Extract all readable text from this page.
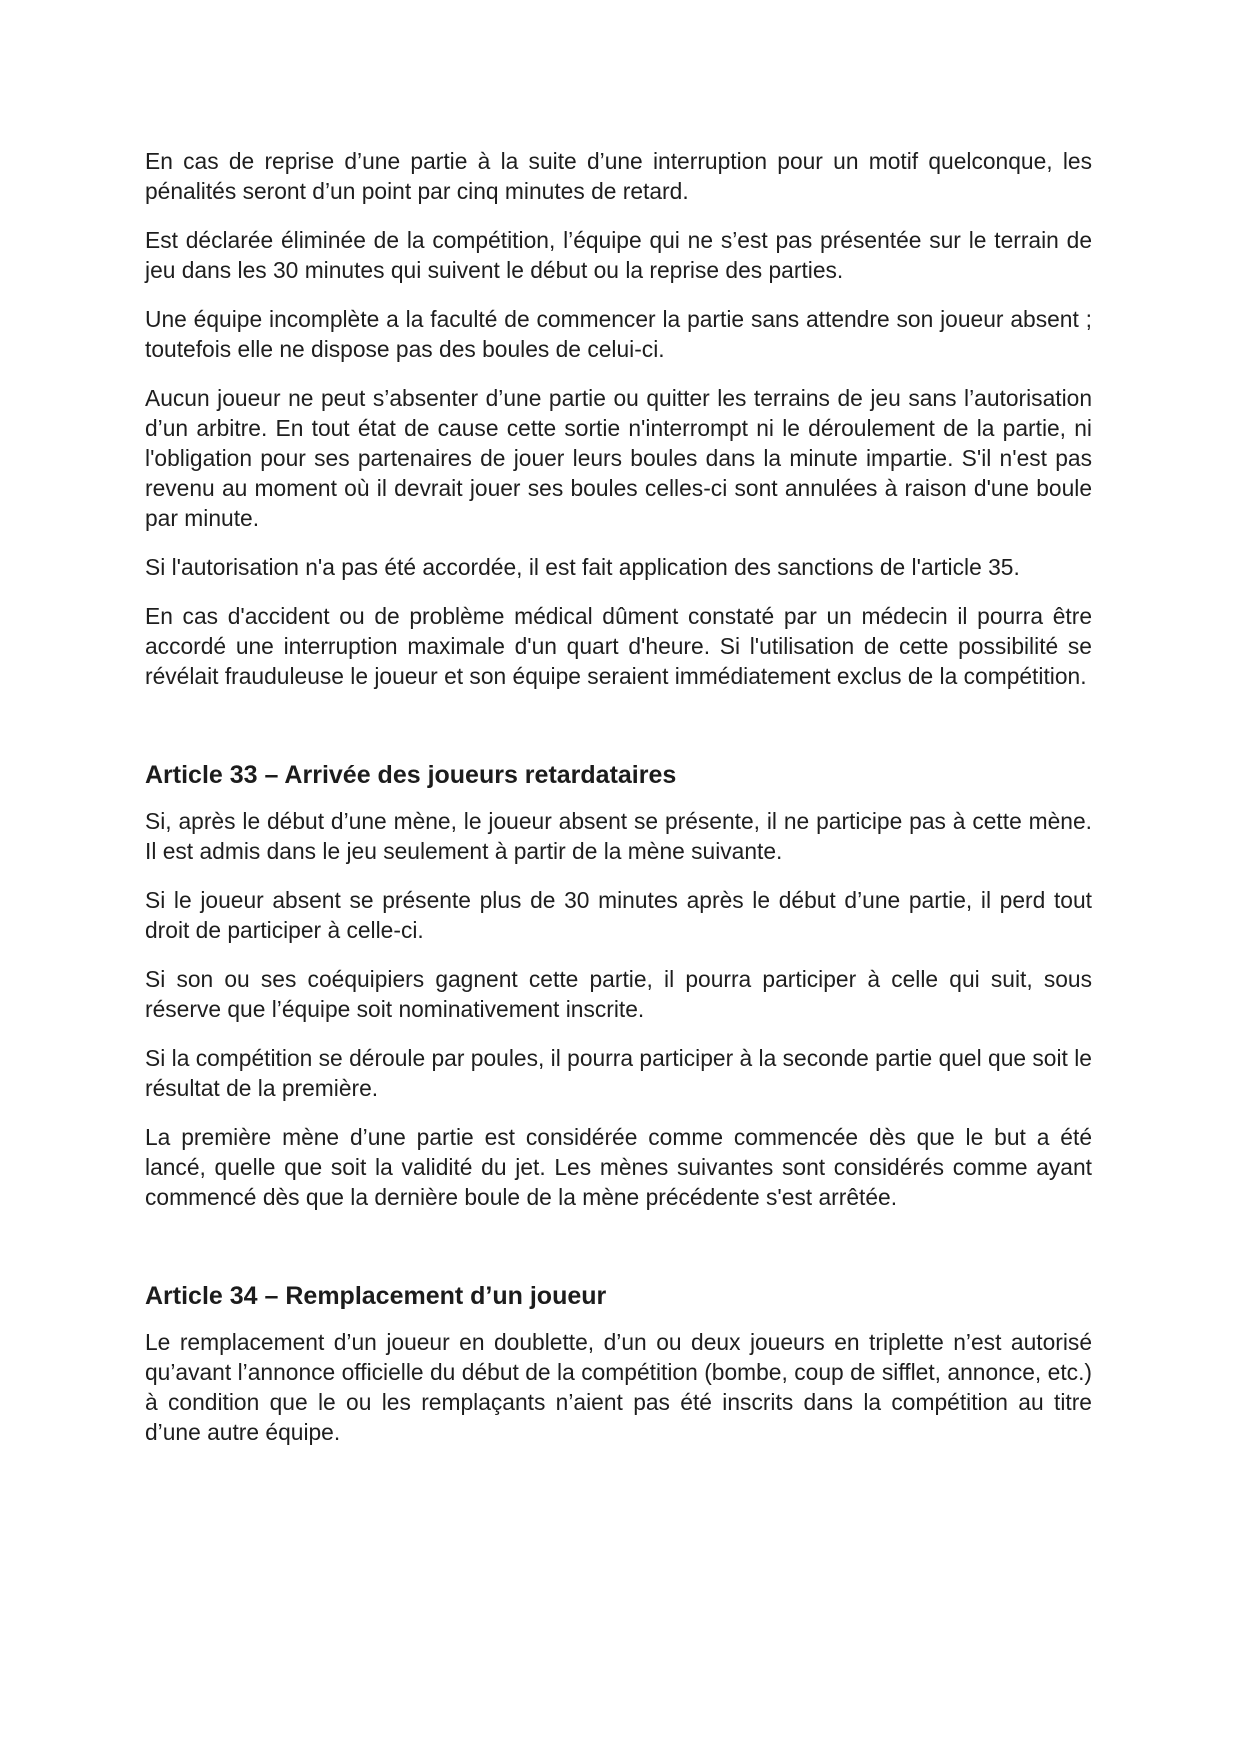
En cas de reprise d’une partie à la suite d’une interruption pour un motif quelconque, les pénalités seront d’un point par cinq minutes de retard.

Est déclarée éliminée de la compétition, l’équipe qui ne s’est pas présentée sur le terrain de jeu dans les 30 minutes qui suivent le début ou la reprise des parties.

Une équipe incomplète a la faculté de commencer la partie sans attendre son joueur absent ; toutefois elle ne dispose pas des boules de celui-ci.

Aucun joueur ne peut s’absenter d’une partie ou quitter les terrains de jeu sans l’autorisation d’un arbitre. En tout état de cause cette sortie n'interrompt ni le déroulement de la partie, ni l'obligation pour ses partenaires de jouer leurs boules dans la minute impartie. S'il n'est pas revenu au moment où il devrait jouer ses boules celles-ci sont annulées à raison d'une boule par minute.

Si l'autorisation n'a pas été accordée, il est fait application des sanctions de l'article 35.

En cas d'accident ou de problème médical dûment constaté par un médecin il pourra être accordé une interruption maximale d'un quart d'heure. Si l'utilisation de cette possibilité se révélait frauduleuse le joueur et son équipe seraient immédiatement exclus de la compétition.

Article 33 – Arrivée des joueurs retardataires

Si, après le début d’une mène, le joueur absent se présente, il ne participe pas à cette mène. Il est admis dans le jeu seulement à partir de la mène suivante.

Si le joueur absent se présente plus de 30 minutes après le début d’une partie, il perd tout droit de participer à celle-ci.

Si son ou ses coéquipiers gagnent cette partie, il pourra participer à celle qui suit, sous réserve que l’équipe soit nominativement inscrite.

Si la compétition se déroule par poules, il pourra participer à la seconde partie quel que soit le résultat de la première.

La première mène d’une partie est considérée comme commencée dès que le but a été lancé, quelle que soit la validité du jet. Les mènes suivantes sont considérés comme ayant commencé dès que la dernière boule de la mène précédente s'est arrêtée.

Article 34 – Remplacement d’un joueur

Le remplacement d’un joueur en doublette, d’un ou deux joueurs en triplette n’est autorisé qu’avant l’annonce officielle du début de la compétition (bombe, coup de sifflet, annonce, etc.) à condition que le ou les remplaçants n’aient pas été inscrits dans la compétition au titre d’une autre équipe.
